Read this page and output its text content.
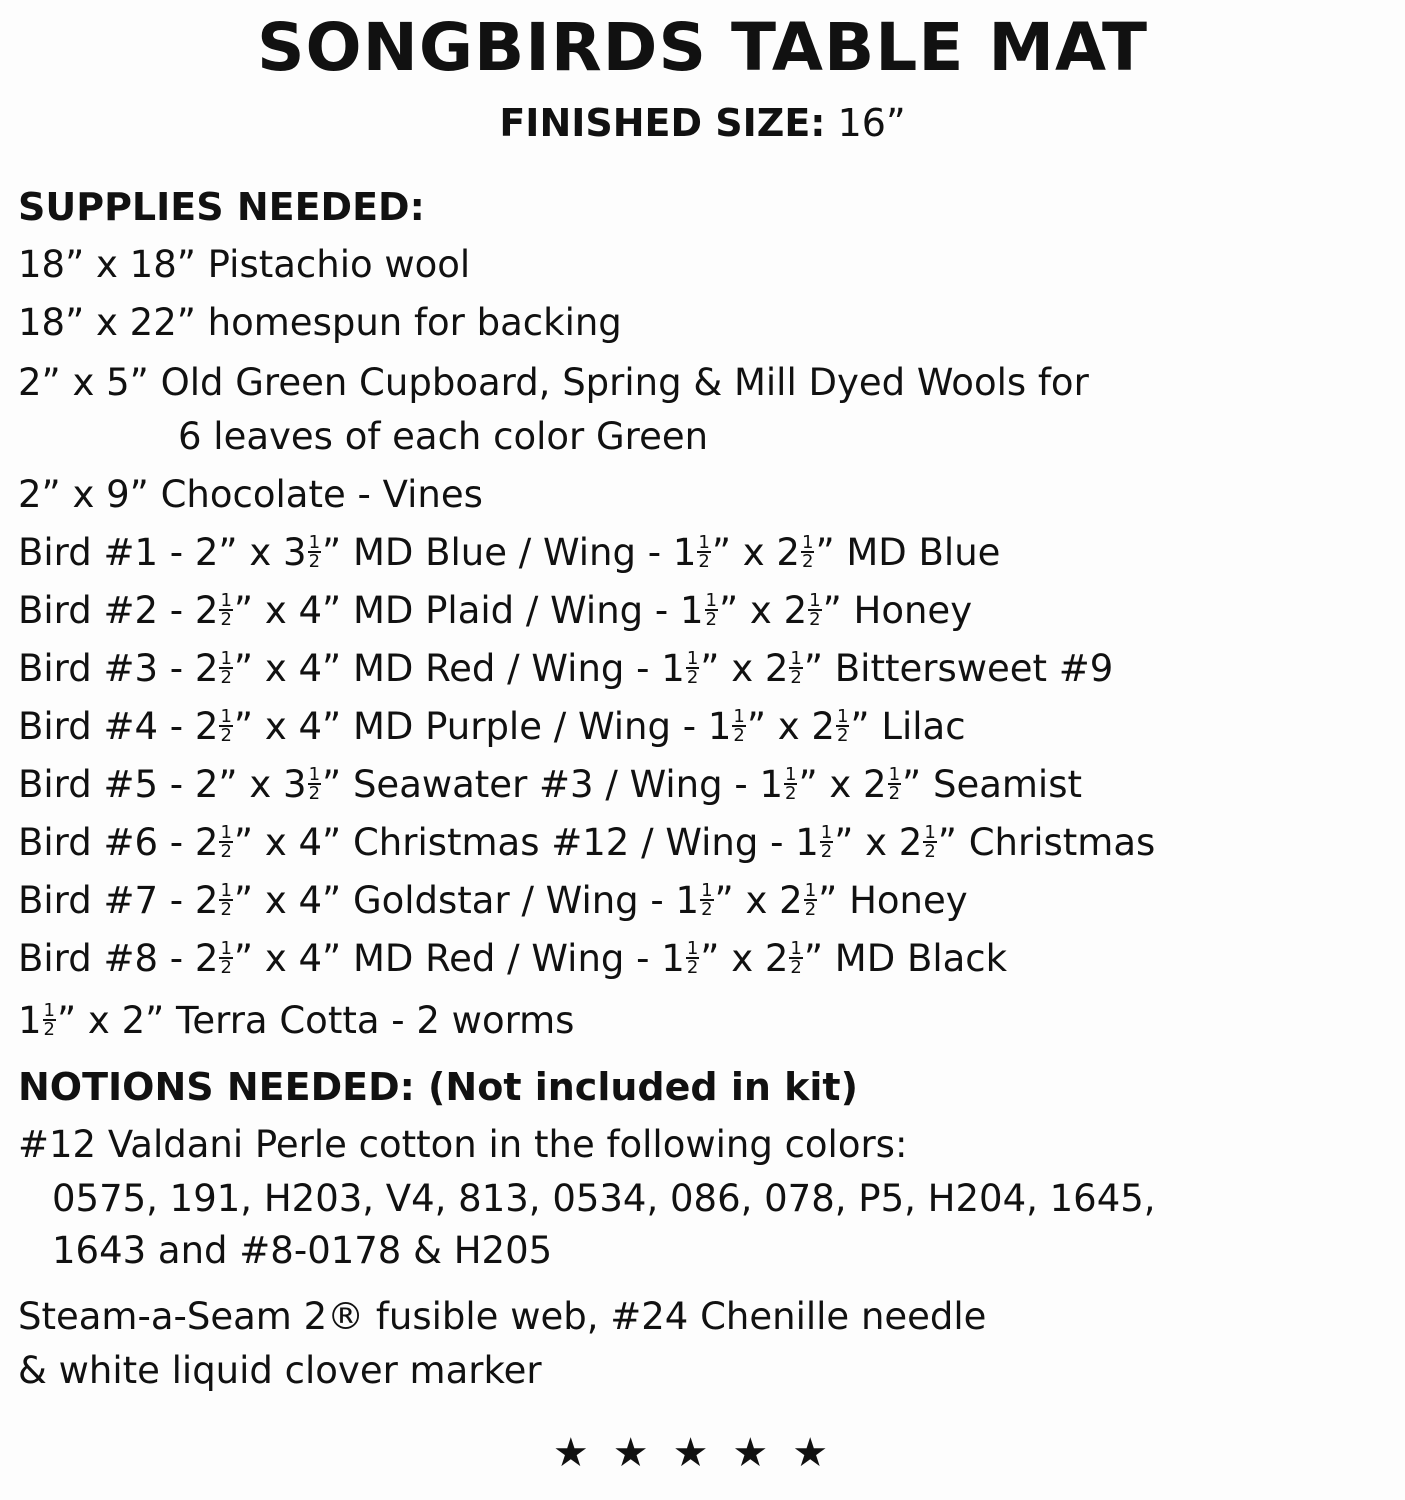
SONGBIRDS TABLE MAT

FINISHED SIZE: 16”

SUPPLIES NEEDED:

18” x 18” Pistachio wool

18” x 22” homespun for backing

2” x 5” Old Green Cupboard, Spring & Mill Dyed Wools for

6 leaves of each color Green

2” x 9” Chocolate - Vines

Bird #1 - 2” x $3 \frac{1}{2}$ ” MD Blue / Wing - $1 \frac{1}{2}$ ” x $2 \frac{1}{2}$ ” MD Blue

Bird #2 - $2 \frac{1}{2}$ ” x 4” MD Plaid / Wing - $1 \frac{1}{2}$ ” x $2 \frac{1}{2}$ ” Honey

Bird #3 - $2 \frac{1}{2}$ ” x 4” MD Red / Wing - $1 \frac{1}{2}$ ” x $2 \frac{1}{2}$ ” Bittersweet #9

Bird #4 - $2 \frac{1}{2}$ ” x 4” MD Purple / Wing - $1 \frac{1}{2}$ ” x $2 \frac{1}{2}$ ” Lilac

Bird #5 - 2” x $3 \frac{1}{2}$ ” Seawater #3 / Wing - $1 \frac{1}{2}$ ” x $2 \frac{1}{2}$ ” Seamist

Bird #6 - $2 \frac{1}{2}$ ” x 4” Christmas #12 / Wing - $1 \frac{1}{2}$ ” x $2 \frac{1}{2}$ ” Christmas

Bird #7 - $2 \frac{1}{2}$ ” x 4” Goldstar / Wing - $1 \frac{1}{2}$ ” x $2 \frac{1}{2}$ ” Honey

Bird #8 - $2 \frac{1}{2}$ ” x 4” MD Red / Wing - $1 \frac{1}{2}$ ” x $2 \frac{1}{2}$ ” MD Black

$1 \frac{1}{2}$ ” x 2” Terra Cotta - 2 worms

NOTIONS NEEDED: (Not included in kit)

#12 Valdani Perle cotton in the following colors:

0575, 191, H203, V4, 813, 0534, 086, 078, P5, H204, 1645,

1643 and #8-0178 & H205

Steam-a-Seam 2® fusible web, #24 Chenille needle

& white liquid clover marker

★★★★★
